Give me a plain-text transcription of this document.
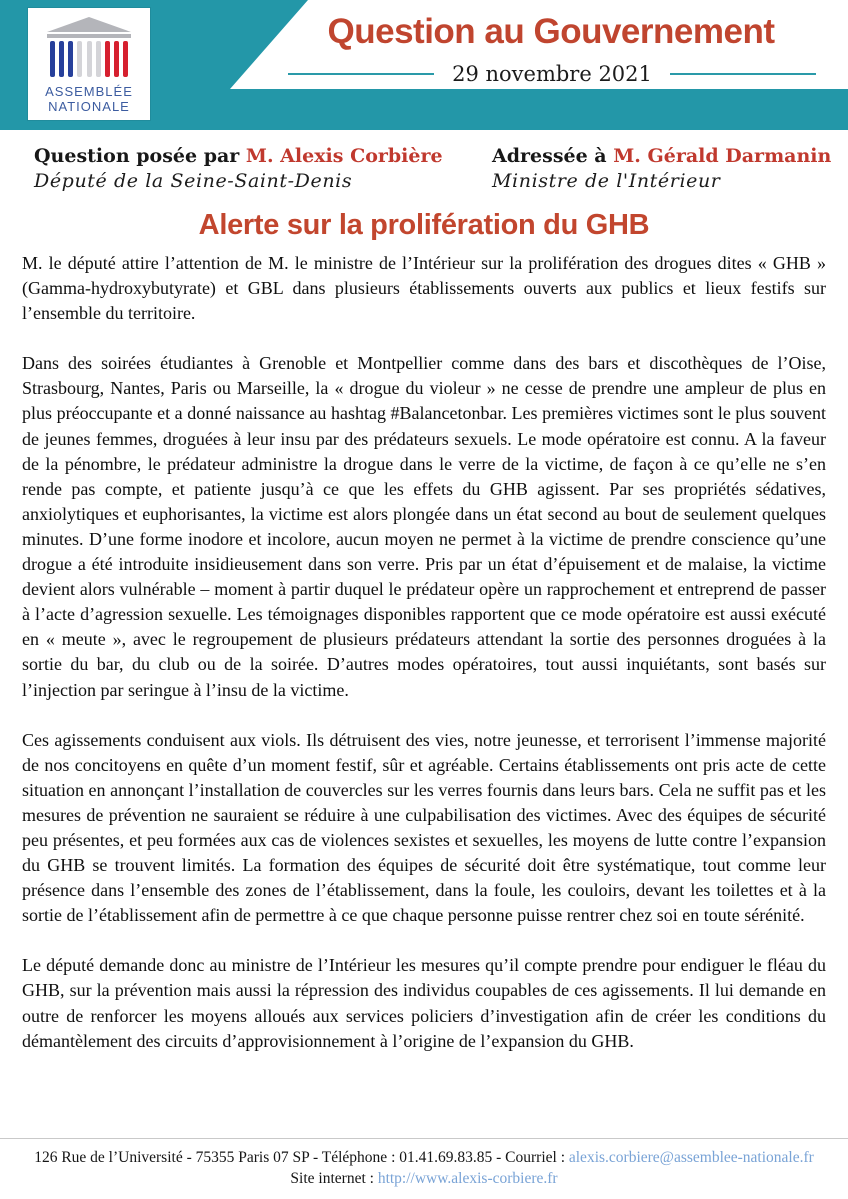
ASSEMBLÉE
NATIONALE
Question au Gouvernement
29 novembre 2021
Question posée par M. Alexis Corbière
Député de la Seine-Saint-Denis
Adressée à M. Gérald Darmanin
Ministre de l'Intérieur
Alerte sur la prolifération du GHB

M. le député attire l’attention de M. le ministre de l’Intérieur sur la prolifération des drogues dites « GHB » (Gamma-hydroxybutyrate) et GBL dans plusieurs établissements ouverts aux publics et lieux festifs sur l’ensemble du territoire.

Dans des soirées étudiantes à Grenoble et Montpellier comme dans des bars et discothèques de l’Oise, Strasbourg, Nantes, Paris ou Marseille, la « drogue du violeur » ne cesse de prendre une ampleur de plus en plus préoccupante et a donné naissance au hashtag #Balancetonbar. Les premières victimes sont le plus souvent de jeunes femmes, droguées à leur insu par des prédateurs sexuels. Le mode opératoire est connu. A la faveur de la pénombre, le prédateur administre la drogue dans le verre de la victime, de façon à ce qu’elle ne s’en rende pas compte, et patiente jusqu’à ce que les effets du GHB agissent. Par ses propriétés sédatives, anxiolytiques et euphorisantes, la victime est alors plongée dans un état second au bout de seulement quelques minutes. D’une forme inodore et incolore, aucun moyen ne permet à la victime de prendre conscience qu’une drogue a été introduite insidieusement dans son verre. Pris par un état d’épuisement et de malaise, la victime devient alors vulnérable – moment à partir duquel le prédateur opère un rapprochement et entreprend de passer à l’acte d’agression sexuelle. Les témoignages disponibles rapportent que ce mode opératoire est aussi exécuté en « meute », avec le regroupement de plusieurs prédateurs attendant la sortie des personnes droguées à la sortie du bar, du club ou de la soirée. D’autres modes opératoires, tout aussi inquiétants, sont basés sur l’injection par seringue à l’insu de la victime.

Ces agissements conduisent aux viols. Ils détruisent des vies, notre jeunesse, et terrorisent l’immense majorité de nos concitoyens en quête d’un moment festif, sûr et agréable. Certains établissements ont pris acte de cette situation en annonçant l’installation de couvercles sur les verres fournis dans leurs bars. Cela ne suffit pas et les mesures de prévention ne sauraient se réduire à une culpabilisation des victimes. Avec des équipes de sécurité peu présentes, et peu formées aux cas de violences sexistes et sexuelles, les moyens de lutte contre l’expansion du GHB se trouvent limités. La formation des équipes de sécurité doit être systématique, tout comme leur présence dans l’ensemble des zones de l’établissement, dans la foule, les couloirs, devant les toilettes et à la sortie de l’établissement afin de permettre à ce que chaque personne puisse rentrer chez soi en toute sérénité.

Le député demande donc au ministre de l’Intérieur les mesures qu’il compte prendre pour endiguer le fléau du GHB, sur la prévention mais aussi la répression des individus coupables de ces agissements. Il lui demande en outre de renforcer les moyens alloués aux services policiers d’investigation afin de créer les conditions du démantèlement des circuits d’approvisionnement à l’origine de l’expansion du GHB.

126 Rue de l’Université - 75355 Paris 07 SP - Téléphone : 01.41.69.83.85 - Courriel : alexis.corbiere@assemblee-nationale.fr
Site internet : http://www.alexis-corbiere.fr
